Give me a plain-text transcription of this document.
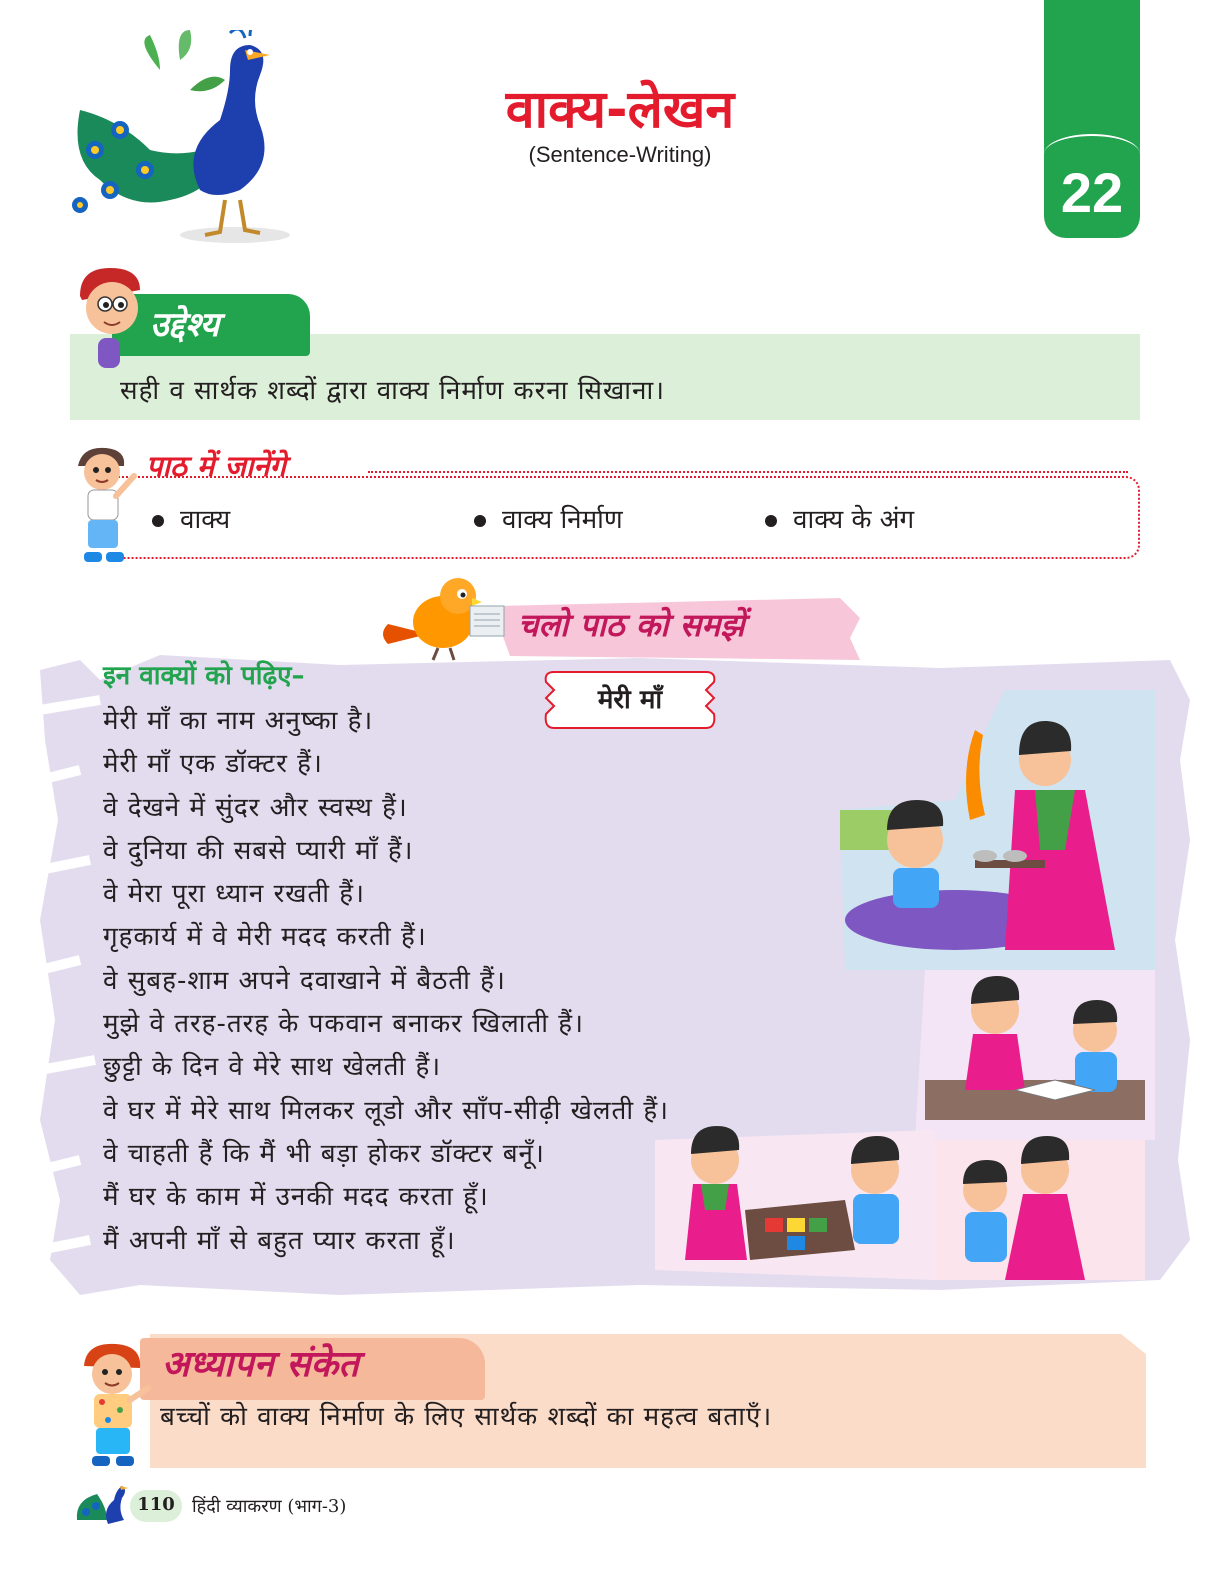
वाक्य-लेखन
(Sentence-Writing)
22
उद्देश्य
सही व सार्थक शब्दों द्वारा वाक्य निर्माण करना सिखाना।
पाठ में जानेंगे
वाक्य	वाक्य निर्माण	वाक्य के अंग
चलो पाठ को समझें
इन वाक्यों को पढ़िए–
मेरी माँ
मेरी माँ का नाम अनुष्का है।
मेरी माँ एक डॉक्टर हैं।
वे देखने में सुंदर और स्वस्थ हैं।
वे दुनिया की सबसे प्यारी माँ हैं।
वे मेरा पूरा ध्यान रखती हैं।
गृहकार्य में वे मेरी मदद करती हैं।
वे सुबह-शाम अपने दवाखाने में बैठती हैं।
मुझे वे तरह-तरह के पकवान बनाकर खिलाती हैं।
छुट्टी के दिन वे मेरे साथ खेलती हैं।
वे घर में मेरे साथ मिलकर लूडो और साँप-सीढ़ी खेलती हैं।
वे चाहती हैं कि मैं भी बड़ा होकर डॉक्टर बनूँ।
मैं घर के काम में उनकी मदद करता हूँ।
मैं अपनी माँ से बहुत प्यार करता हूँ।
अध्यापन संकेत
बच्चों को वाक्य निर्माण के लिए सार्थक शब्दों का महत्व बताएँ।
110 हिंदी व्याकरण (भाग-3)
